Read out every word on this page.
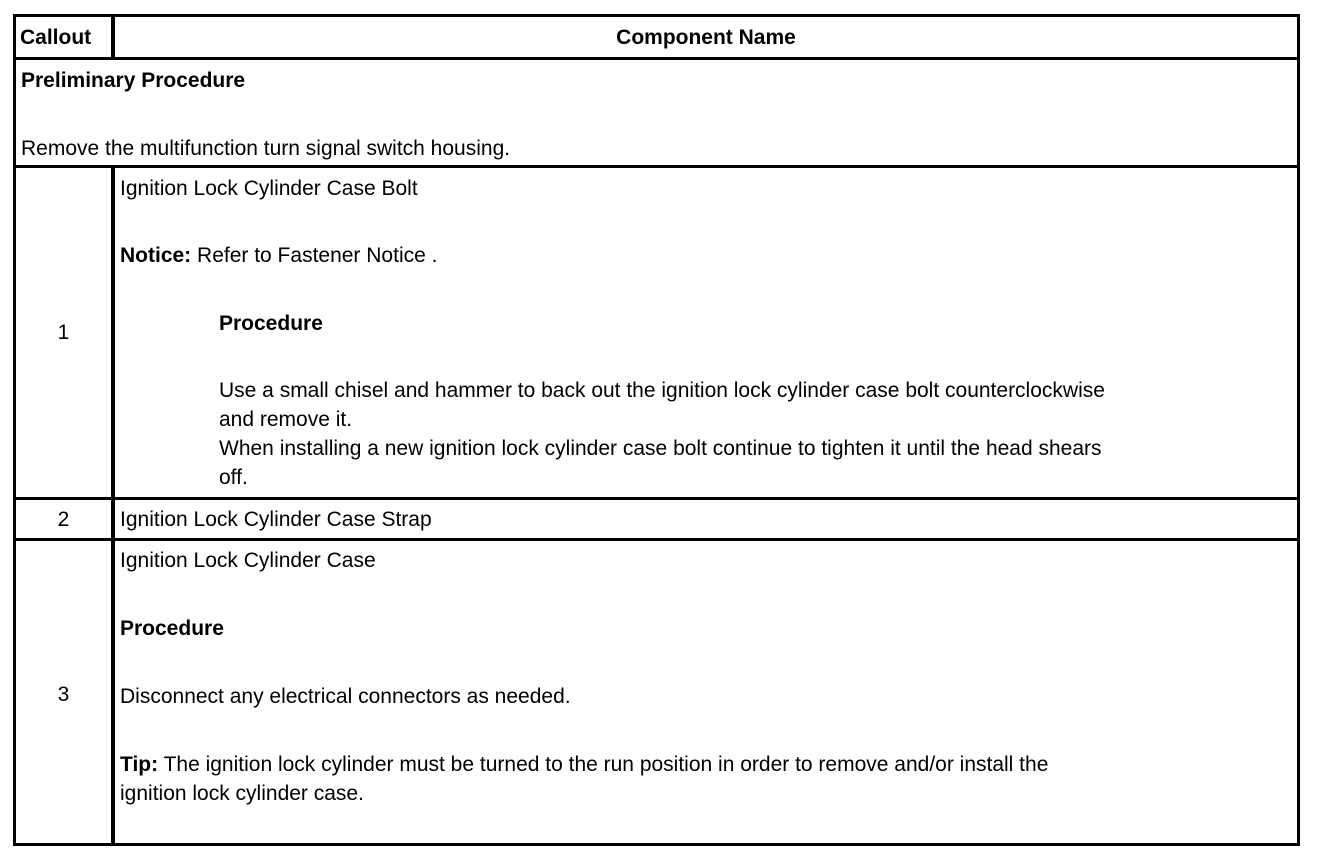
Callout	Component Name
Preliminary Procedure
Remove the multifunction turn signal switch housing.
1
Ignition Lock Cylinder Case Bolt
Notice: Refer to Fastener Notice .
Procedure
Use a small chisel and hammer to back out the ignition lock cylinder case bolt counterclockwise
and remove it.
When installing a new ignition lock cylinder case bolt continue to tighten it until the head shears
off.
2	Ignition Lock Cylinder Case Strap
3
Ignition Lock Cylinder Case
Procedure
Disconnect any electrical connectors as needed.
Tip: The ignition lock cylinder must be turned to the run position in order to remove and/or install the
ignition lock cylinder case.
